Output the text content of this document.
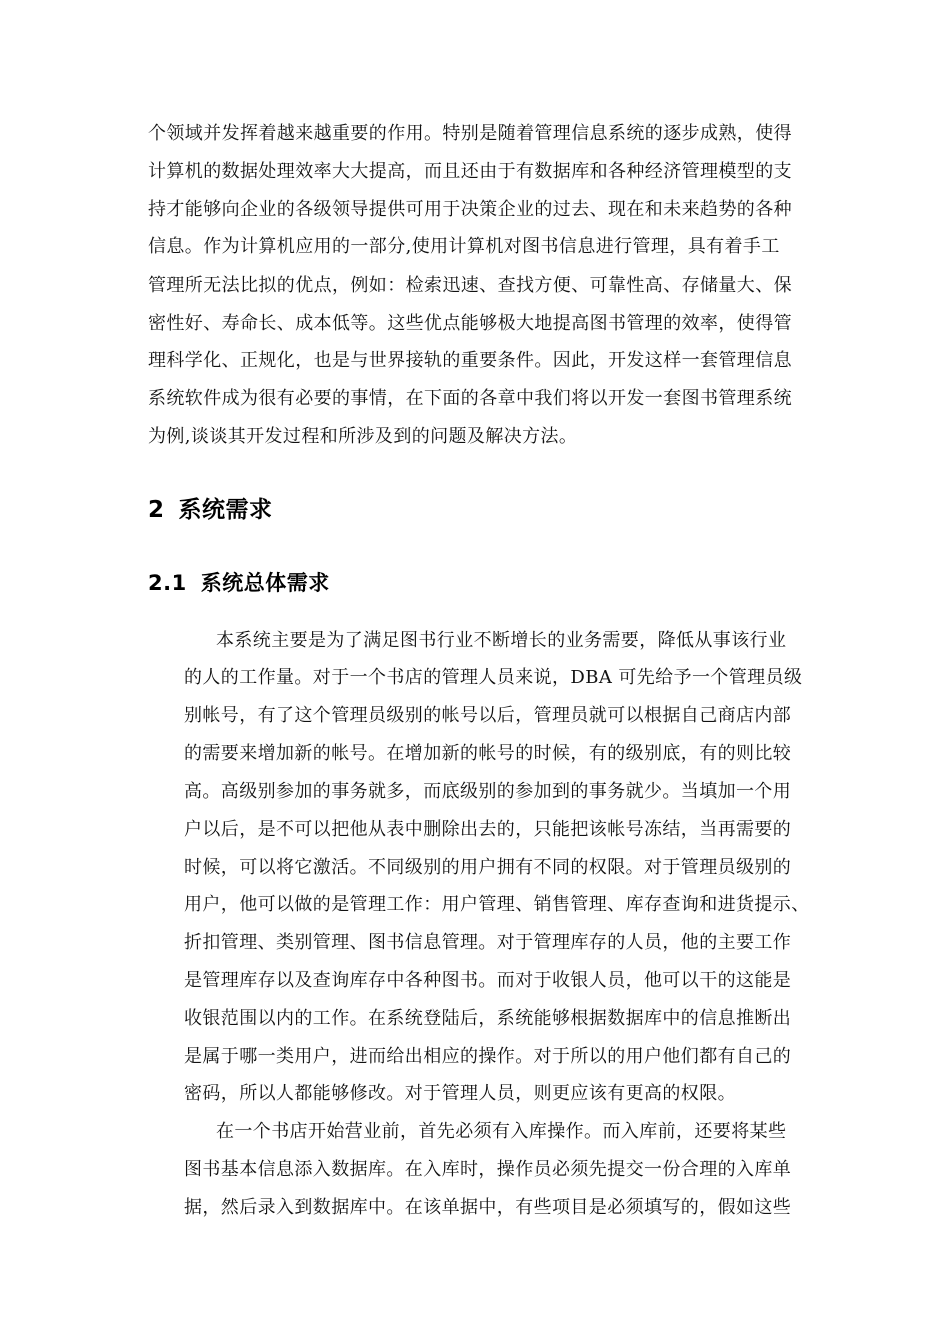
个领域并发挥着越来越重要的作用。特别是随着管理信息系统的逐步成熟，使得
计算机的数据处理效率大大提高，而且还由于有数据库和各种经济管理模型的支
持才能够向企业的各级领导提供可用于决策企业的过去、现在和未来趋势的各种
信息。作为计算机应用的一部分,使用计算机对图书信息进行管理，具有着手工
管理所无法比拟的优点，例如：检索迅速、查找方便、可靠性高、存储量大、保
密性好、寿命长、成本低等。这些优点能够极大地提高图书管理的效率，使得管
理科学化、正规化，也是与世界接轨的重要条件。因此，开发这样一套管理信息
系统软件成为很有必要的事情，在下面的各章中我们将以开发一套图书管理系统
为例,谈谈其开发过程和所涉及到的问题及解决方法。
2 系统需求
2.1 系统总体需求
本系统主要是为了满足图书行业不断增长的业务需要，降低从事该行业
的人的工作量。对于一个书店的管理人员来说，DBA 可先给予一个管理员级
别帐号，有了这个管理员级别的帐号以后，管理员就可以根据自己商店内部
的需要来增加新的帐号。在增加新的帐号的时候，有的级别底，有的则比较
高。高级别参加的事务就多，而底级别的参加到的事务就少。当填加一个用
户以后，是不可以把他从表中删除出去的，只能把该帐号冻结，当再需要的
时候，可以将它激活。不同级别的用户拥有不同的权限。对于管理员级别的
用户，他可以做的是管理工作：用户管理、销售管理、库存查询和进货提示、
折扣管理、类别管理、图书信息管理。对于管理库存的人员，他的主要工作
是管理库存以及查询库存中各种图书。而对于收银人员，他可以干的这能是
收银范围以内的工作。在系统登陆后，系统能够根据数据库中的信息推断出
是属于哪一类用户，进而给出相应的操作。对于所以的用户他们都有自己的
密码，所以人都能够修改。对于管理人员，则更应该有更高的权限。
在一个书店开始营业前，首先必须有入库操作。而入库前，还要将某些
图书基本信息添入数据库。在入库时，操作员必须先提交一份合理的入库单
据，然后录入到数据库中。在该单据中，有些项目是必须填写的，假如这些
